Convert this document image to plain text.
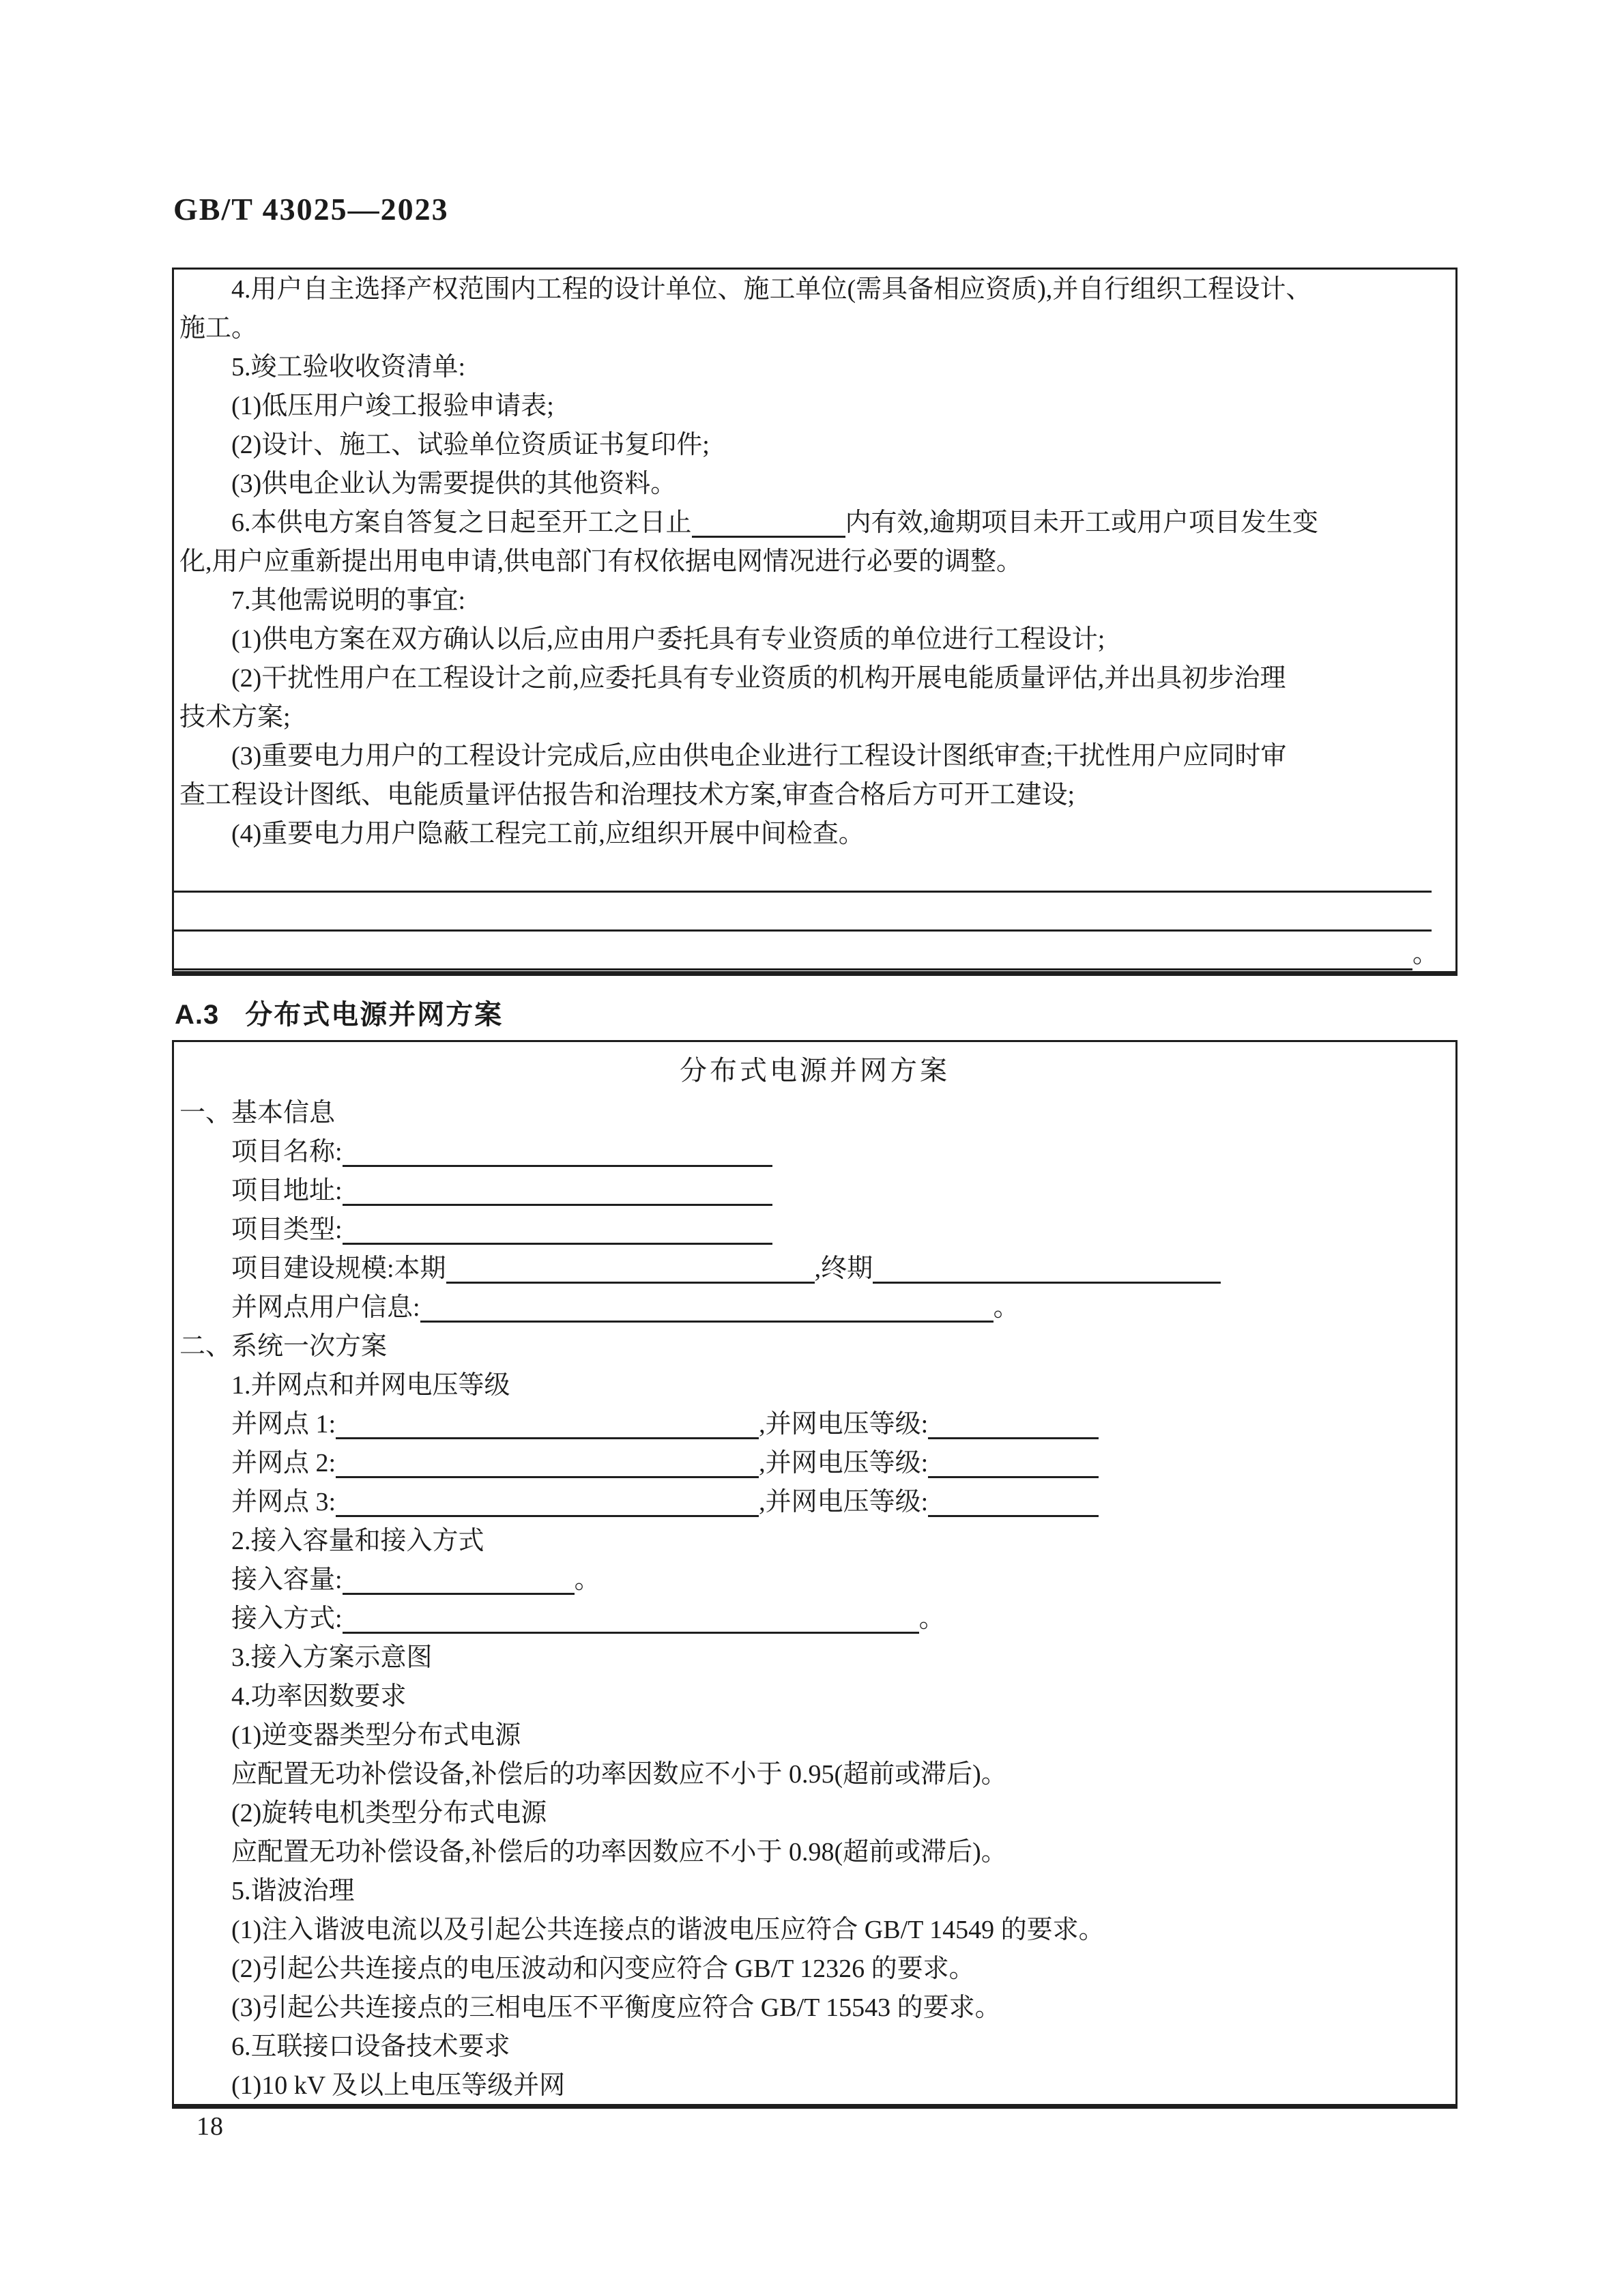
GB/T 43025—2023
4.用户自主选择产权范围内工程的设计单位、施工单位(需具备相应资质),并自行组织工程设计、
施工。
5.竣工验收收资清单:
(1)低压用户竣工报验申请表;
(2)设计、施工、试验单位资质证书复印件;
(3)供电企业认为需要提供的其他资料。
6.本供电方案自答复之日起至开工之日止	内有效,逾期项目未开工或用户项目发生变
化,用户应重新提出用电申请,供电部门有权依据电网情况进行必要的调整。
7.其他需说明的事宜:
(1)供电方案在双方确认以后,应由用户委托具有专业资质的单位进行工程设计;
(2)干扰性用户在工程设计之前,应委托具有专业资质的机构开展电能质量评估,并出具初步治理
技术方案;
(3)重要电力用户的工程设计完成后,应由供电企业进行工程设计图纸审查;干扰性用户应同时审
查工程设计图纸、电能质量评估报告和治理技术方案,审查合格后方可开工建设;
(4)重要电力用户隐蔽工程完工前,应组织开展中间检查。
。
A.3 分布式电源并网方案
分布式电源并网方案
一、基本信息
项目名称:
项目地址:
项目类型:
项目建设规模:本期	,终期
并网点用户信息:	。
二、系统一次方案
1.并网点和并网电压等级
并网点 1:	,并网电压等级:
并网点 2:	,并网电压等级:
并网点 3:	,并网电压等级:
2.接入容量和接入方式
接入容量:	。
接入方式:	。
3.接入方案示意图
4.功率因数要求
(1)逆变器类型分布式电源
应配置无功补偿设备,补偿后的功率因数应不小于 0.95(超前或滞后)。
(2)旋转电机类型分布式电源
应配置无功补偿设备,补偿后的功率因数应不小于 0.98(超前或滞后)。
5.谐波治理
(1)注入谐波电流以及引起公共连接点的谐波电压应符合 GB/T 14549 的要求。
(2)引起公共连接点的电压波动和闪变应符合 GB/T 12326 的要求。
(3)引起公共连接点的三相电压不平衡度应符合 GB/T 15543 的要求。
6.互联接口设备技术要求
(1)10 kV 及以上电压等级并网
18
